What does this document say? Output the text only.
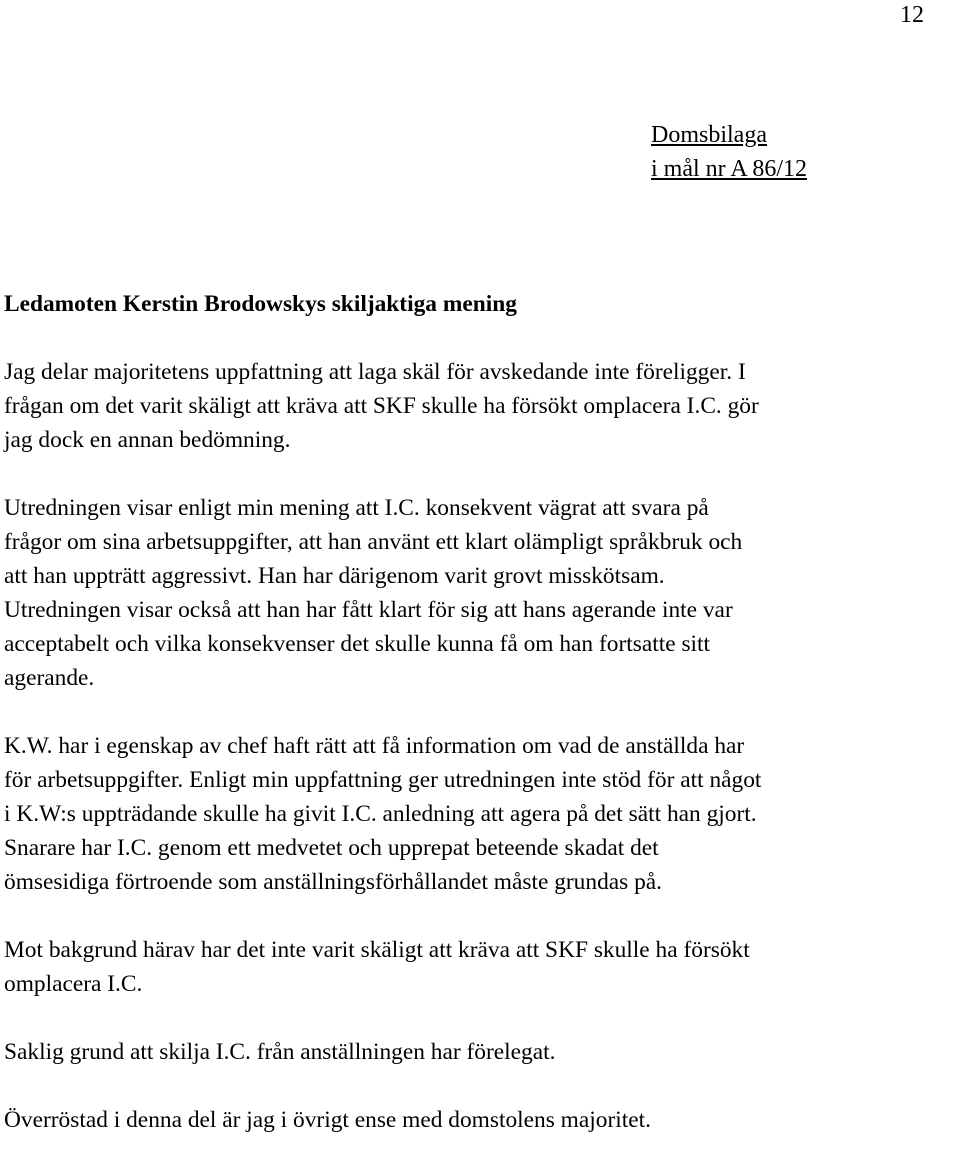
12

Domsbilaga
i mål nr A 86/12

Ledamoten Kerstin Brodowskys skiljaktiga mening

Jag delar majoritetens uppfattning att laga skäl för avskedande inte föreligger. I
frågan om det varit skäligt att kräva att SKF skulle ha försökt omplacera I.C. gör
jag dock en annan bedömning.

Utredningen visar enligt min mening att I.C. konsekvent vägrat att svara på
frågor om sina arbetsuppgifter, att han använt ett klart olämpligt språkbruk och
att han uppträtt aggressivt. Han har därigenom varit grovt misskötsam.

Utredningen visar också att han har fått klart för sig att hans agerande inte var
acceptabelt och vilka konsekvenser det skulle kunna få om han fortsatte sitt
agerande.

K.W. har i egenskap av chef haft rätt att få information om vad de anställda har
för arbetsuppgifter. Enligt min uppfattning ger utredningen inte stöd för att något
i K.W:s uppträdande skulle ha givit I.C. anledning att agera på det sätt han gjort.
Snarare har I.C. genom ett medvetet och upprepat beteende skadat det
ömsesidiga förtroende som anställningsförhållandet måste grundas på.

Mot bakgrund härav har det inte varit skäligt att kräva att SKF skulle ha försökt
omplacera I.C.

Saklig grund att skilja I.C. från anställningen har förelegat.

Överröstad i denna del är jag i övrigt ense med domstolens majoritet.
